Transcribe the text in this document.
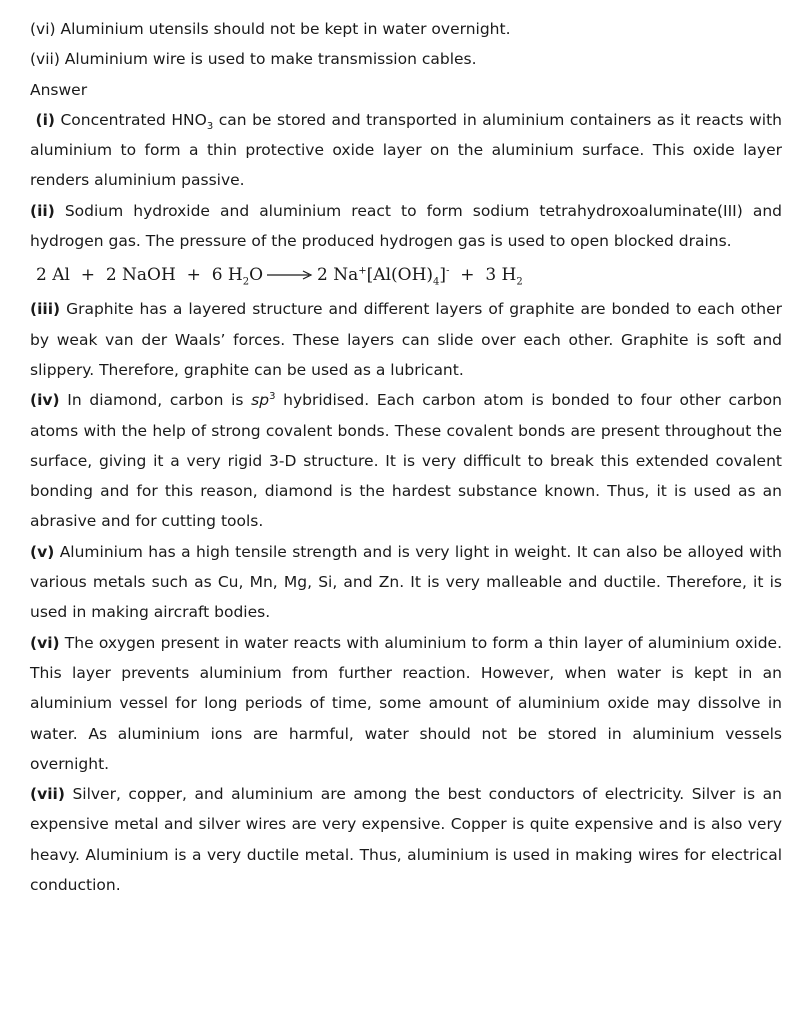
(vi) Aluminium utensils should not be kept in water overnight.
(vii) Aluminium wire is used to make transmission cables.
Answer
(i) Concentrated $HNO_3$ can be stored and transported in aluminium containers as it reacts with aluminium to form a thin protective oxide layer on the aluminium surface. This oxide layer renders aluminium passive.
(ii) Sodium hydroxide and aluminium react to form sodium tetrahydroxoaluminate(III) and hydrogen gas. The pressure of the produced hydrogen gas is used to open blocked drains.
2 Al
+
2 NaOH
+
6 $H_2O \to 2$ $Na^+[Al(OH)_4]^-$
+
3 $H_2$
(iii) Graphite has a layered structure and different layers of graphite are bonded to each other by weak van der Waals’ forces. These layers can slide over each other. Graphite is soft and slippery. Therefore, graphite can be used as a lubricant.
(iv) In diamond, carbon is $sp^3$ hybridised. Each carbon atom is bonded to four other carbon atoms with the help of strong covalent bonds. These covalent bonds are present throughout the surface, giving it a very rigid 3-D structure. It is very difficult to break this extended covalent bonding and for this reason, diamond is the hardest substance known. Thus, it is used as an abrasive and for cutting tools.
(v) Aluminium has a high tensile strength and is very light in weight. It can also be alloyed with various metals such as Cu, Mn, Mg, Si, and Zn. It is very malleable and ductile. Therefore, it is used in making aircraft bodies.
(vi) The oxygen present in water reacts with aluminium to form a thin layer of aluminium oxide. This layer prevents aluminium from further reaction. However, when water is kept in an aluminium vessel for long periods of time, some amount of aluminium oxide may dissolve in water. As aluminium ions are harmful, water should not be stored in aluminium vessels overnight.
(vii) Silver, copper, and aluminium are among the best conductors of electricity. Silver is an expensive metal and silver wires are very expensive. Copper is quite expensive and is also very heavy. Aluminium is a very ductile metal. Thus, aluminium is used in making wires for electrical conduction.
